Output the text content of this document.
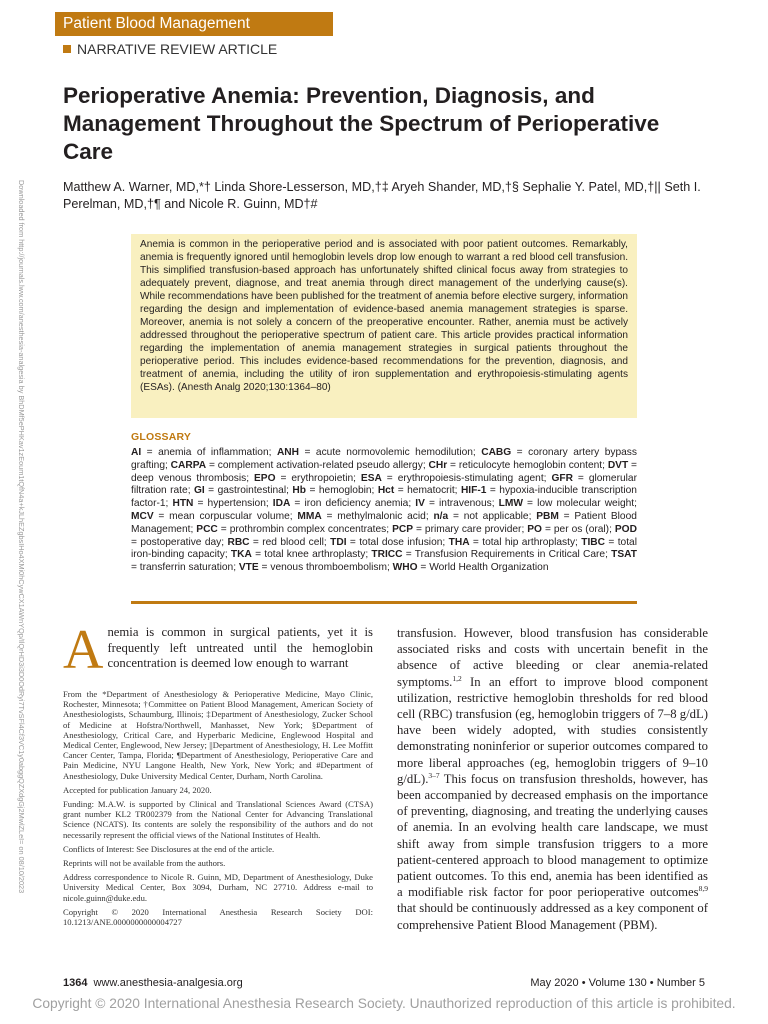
Patient Blood Management
NARRATIVE REVIEW ARTICLE
Perioperative Anemia: Prevention, Diagnosis, and Management Throughout the Spectrum of Perioperative Care

Matthew A. Warner, MD,*† Linda Shore-Lesserson, MD,†‡ Aryeh Shander, MD,†§ Sephalie Y. Patel, MD,†|| Seth I. Perelman, MD,†¶ and Nicole R. Guinn, MD†#

Downloaded from http://journals.lww.com/anesthesia-analgesia by BhDMf5ePHKav1zEoum1tQfN4a+kJLhEZgbsIHo4XMi0hCywCX1AWnYQp/IlQrHD3i3D0OdRyi7TvSFl4Cf3VC1y0abggQZXdgGj2MwlZLeI= on 08/10/2023	Anemia is common in the perioperative period and is associated with poor patient outcomes. Remarkably, anemia is frequently ignored until hemoglobin levels drop low enough to warrant a red blood cell transfusion. This simplified transfusion-based approach has unfortunately shifted clinical focus away from strategies to adequately prevent, diagnose, and treat anemia through direct management of the underlying cause(s). While recommendations have been published for the treatment of anemia before elective surgery, information regarding the design and implementation of evidence-based anemia management strategies is sparse. Moreover, anemia is not solely a concern of the preoperative encounter. Rather, anemia must be actively addressed throughout the perioperative spectrum of patient care. This article provides practical information regarding the implementation of anemia management strategies in surgical patients throughout the perioperative period. This includes evidence-based recommendations for the prevention, diagnosis, and treatment of anemia, including the utility of iron supplementation and erythropoiesis-stimulating agents (ESAs). (Anesth Analg 2020;130:1364–80)

GLOSSARY

AI = anemia of inflammation; ANH = acute normovolemic hemodilution; CABG = coronary artery bypass grafting; CARPA = complement activation-related pseudo allergy; CHr = reticulocyte hemoglobin content; DVT = deep venous thrombosis; EPO = erythropoietin; ESA = erythropoiesis-stimulating agent; GFR = glomerular filtration rate; GI = gastrointestinal; Hb = hemoglobin; Hct = hematocrit; HIF-1 = hypoxia-inducible transcription factor-1; HTN = hypertension; IDA = iron deficiency anemia; IV = intravenous; LMW = low molecular weight; MCV = mean corpuscular volume; MMA = methylmalonic acid; n/a = not applicable; PBM = Patient Blood Management; PCC = prothrombin complex concentrates; PCP = primary care provider; PO = per os (oral); POD = postoperative day; RBC = red blood cell; TDI = total dose infusion; THA = total hip arthroplasty; TIBC = total iron-binding capacity; TKA = total knee arthroplasty; TRICC = Transfusion Requirements in Critical Care; TSAT = transferrin saturation; VTE = venous thromboembolism; WHO = World Health Organization

Anemia is common in surgical patients, yet it is frequently left untreated until the hemoglobin concentration is deemed low enough to warrant

From the *Department of Anesthesiology & Perioperative Medicine, Mayo Clinic, Rochester, Minnesota; †Committee on Patient Blood Management, American Society of Anesthesiologists, Schaumburg, Illinois; ‡Department of Anesthesiology, Zucker School of Medicine at Hofstra/Northwell, Manhasset, New York; §Department of Anesthesiology, Critical Care, and Hyperbaric Medicine, Englewood Hospital and Medical Center, Englewood, New Jersey; ||Department of Anesthesiology, H. Lee Moffitt Cancer Center, Tampa, Florida; ¶Department of Anesthesiology, Perioperative Care and Pain Medicine, NYU Langone Health, New York, New York; and #Department of Anesthesiology, Duke University Medical Center, Durham, North Carolina.

Accepted for publication January 24, 2020.

Funding: M.A.W. is supported by Clinical and Translational Sciences Award (CTSA) grant number KL2 TR002379 from the National Center for Advancing Translational Science (NCATS). Its contents are solely the responsibility of the authors and do not necessarily represent the official views of the National Institutes of Health.

Conflicts of Interest: See Disclosures at the end of the article.

Reprints will not be available from the authors.

Address correspondence to Nicole R. Guinn, MD, Department of Anesthesiology, Duke University Medical Center, Box 3094, Durham, NC 27710. Address e-mail to nicole.guinn@duke.edu.

Copyright © 2020 International Anesthesia Research Society DOI: 10.1213/ANE.0000000000004727

transfusion. However, blood transfusion has considerable associated risks and costs with uncertain benefit in the absence of active bleeding or clear anemia-related symptoms.$^{1,2}$ In an effort to improve blood component utilization, restrictive hemoglobin thresholds for red blood cell (RBC) transfusion (eg, hemoglobin triggers of 7–8 g/dL) have been widely adopted, with studies consistently demonstrating noninferior or superior outcomes compared to more liberal approaches (eg, hemoglobin triggers of 9–10 g/dL).$^{3-7}$ This focus on transfusion thresholds, however, has been accompanied by decreased emphasis on the importance of preventing, diagnosing, and treating the underlying causes of anemia. In an evolving health care landscape, we must shift away from simple transfusion triggers to a more patient-centered approach to blood management to optimize patient outcomes. To this end, anemia has been identified as a modifiable risk factor for poor perioperative outcomes$^{8,9}$ that should be continuously addressed as a key component of comprehensive Patient Blood Management (PBM).

1364 www.anesthesia-analgesia.org	May 2020 • Volume 130 • Number 5
Copyright © 2020 International Anesthesia Research Society. Unauthorized reproduction of this article is prohibited.
